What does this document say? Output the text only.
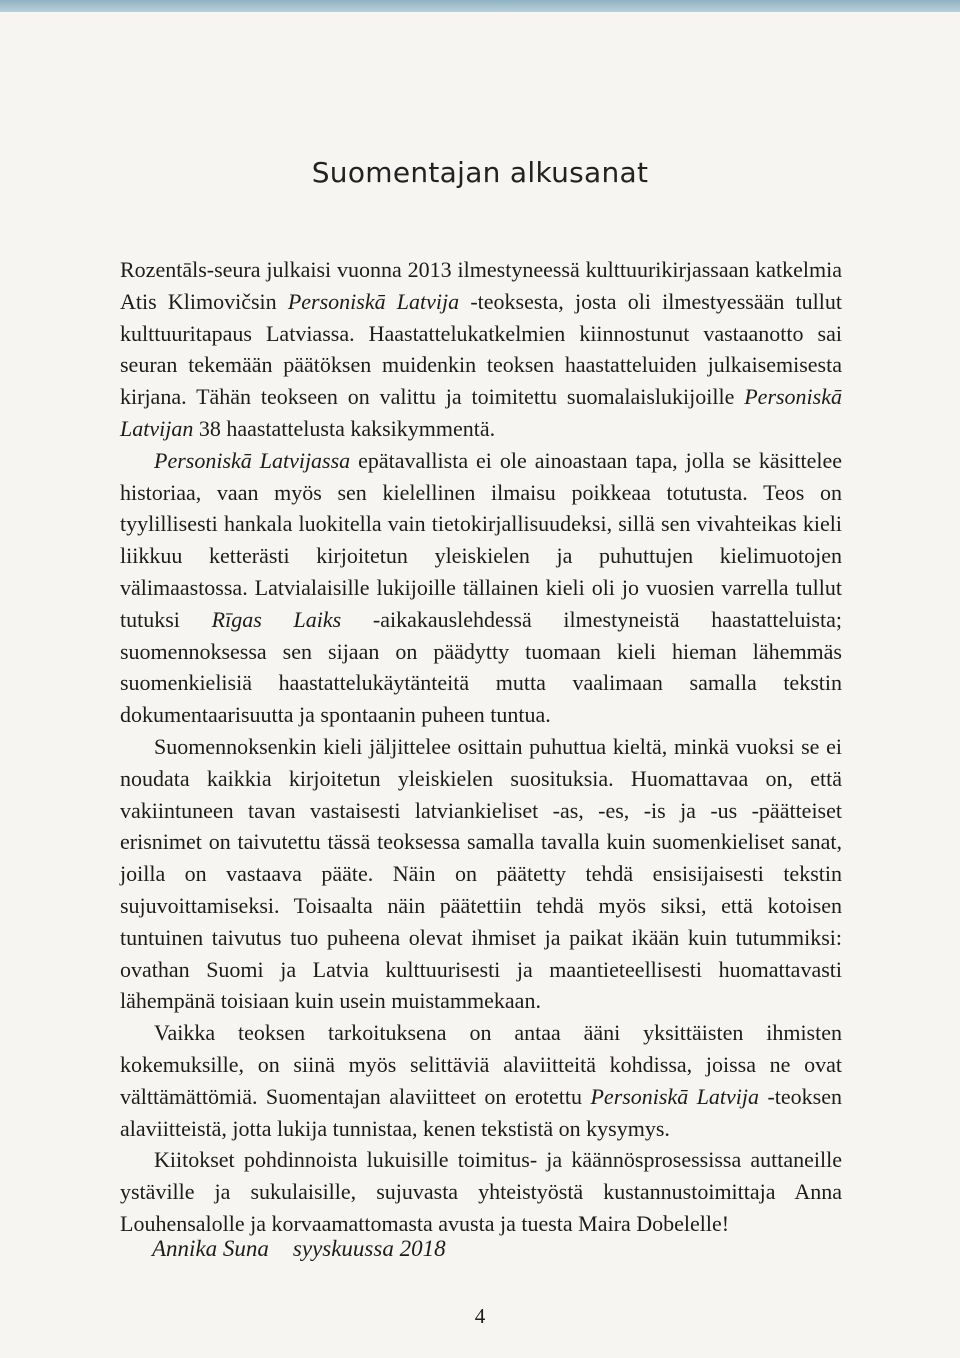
Suomentajan alkusanat

Rozentāls-seura julkaisi vuonna 2013 ilmestyneessä kulttuurikirjassaan katkelmia Atis Klimovičsin Personiskā Latvija -teoksesta, josta oli ilmestyessään tullut kulttuuritapaus Latviassa. Haastattelukatkelmien kiinnostunut vastaanotto sai seuran tekemään päätöksen muidenkin teoksen haastatteluiden julkaisemisesta kirjana. Tähän teokseen on valittu ja toimitettu suomalaislukijoille Personiskā Latvijan 38 haastattelusta kaksikymmentä.

Personiskā Latvijassa epätavallista ei ole ainoastaan tapa, jolla se käsittelee historiaa, vaan myös sen kielellinen ilmaisu poikkeaa totutusta. Teos on tyylillisesti hankala luokitella vain tietokirjallisuudeksi, sillä sen vivahteikas kieli liikkuu ketterästi kirjoitetun yleiskielen ja puhuttujen kielimuotojen välimaastossa. Latvialaisille lukijoille tällainen kieli oli jo vuosien varrella tullut tutuksi Rīgas Laiks -aikakauslehdessä ilmestyneistä haastatteluista; suomennoksessa sen sijaan on päädytty tuomaan kieli hieman lähemmäs suomenkielisiä haastattelukäytänteitä mutta vaalimaan samalla tekstin dokumentaarisuutta ja spontaanin puheen tuntua.

Suomennoksenkin kieli jäljittelee osittain puhuttua kieltä, minkä vuoksi se ei noudata kaikkia kirjoitetun yleiskielen suosituksia. Huomattavaa on, että vakiintuneen tavan vastaisesti latviankieliset -as, -es, -is ja -us -päätteiset erisnimet on taivutettu tässä teoksessa samalla tavalla kuin suomenkieliset sanat, joilla on vastaava pääte. Näin on päätetty tehdä ensisijaisesti tekstin sujuvoittamiseksi. Toisaalta näin päätettiin tehdä myös siksi, että kotoisen tuntuinen taivutus tuo puheena olevat ihmiset ja paikat ikään kuin tutummiksi: ovathan Suomi ja Latvia kulttuurisesti ja maantieteellisesti huomattavasti lähempänä toisiaan kuin usein muistammekaan.

Vaikka teoksen tarkoituksena on antaa ääni yksittäisten ihmisten kokemuksille, on siinä myös selittäviä alaviitteitä kohdissa, joissa ne ovat välttämättömiä. Suomentajan alaviitteet on erotettu Personiskā Latvija -teoksen alaviitteistä, jotta lukija tunnistaa, kenen tekstistä on kysymys.

Kiitokset pohdinnoista lukuisille toimitus- ja käännösprosessissa auttaneille ystäville ja sukulaisille, sujuvasta yhteistyöstä kustannustoimittaja Anna Louhensalolle ja korvaamattomasta avusta ja tuesta Maira Dobelelle!

Annika Suna syyskuussa 2018
4
